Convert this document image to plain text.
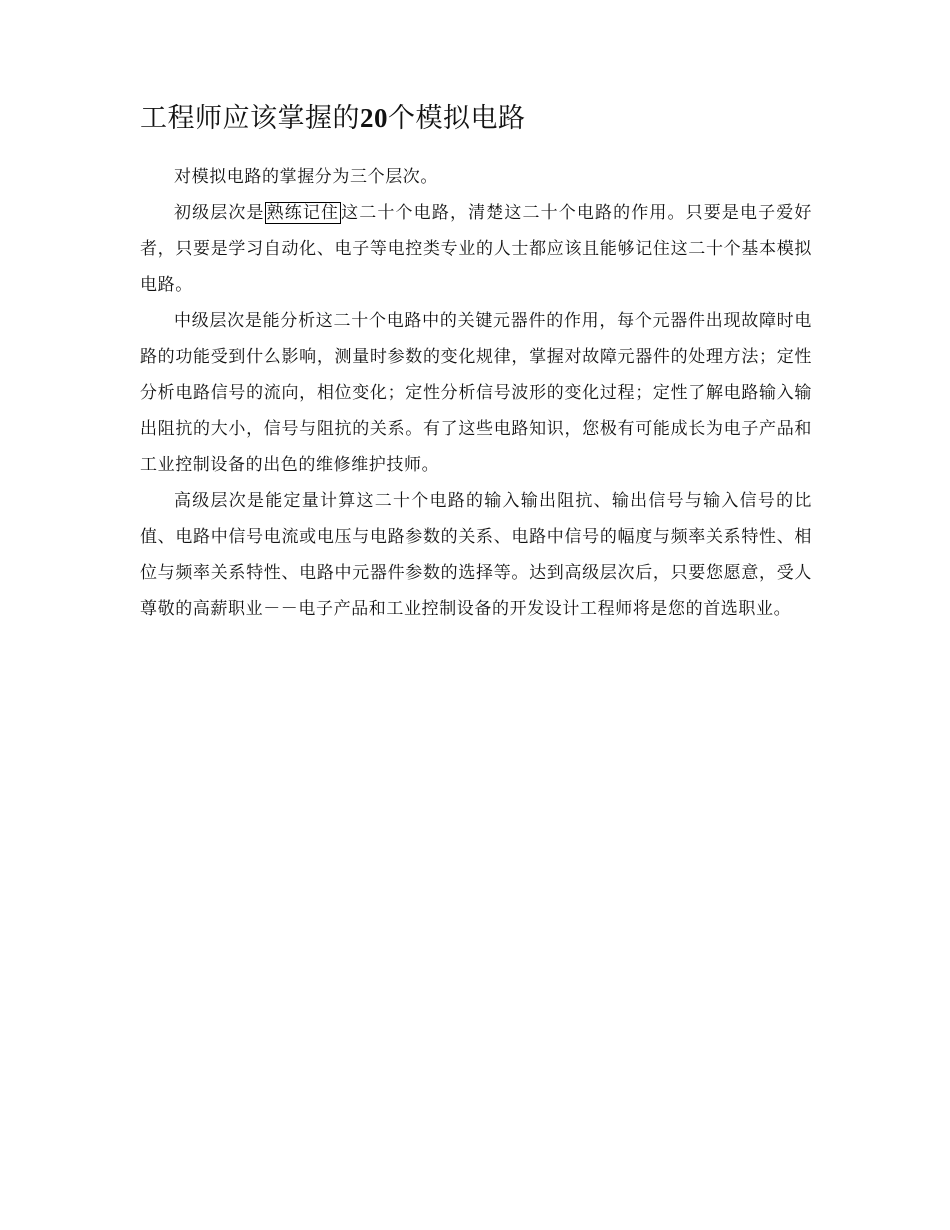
工程师应该掌握的20个模拟电路

对模拟电路的掌握分为三个层次。

初级层次是 熟练记住 这二十个电路，清楚这二十个电路的作用。只要是电子爱好者，只要是学习自动化、电子等电控类专业的人士都应该且能够记住这二十个基本模拟电路。

中级层次是能分析这二十个电路中的关键元器件的作用，每个元器件出现故障时电路的功能受到什么影响，测量时参数的变化规律，掌握对故障元器件的处理方法；定性分析电路信号的流向，相位变化；定性分析信号波形的变化过程；定性了解电路输入输出阻抗的大小，信号与阻抗的关系。有了这些电路知识，您极有可能成长为电子产品和工业控制设备的出色的维修维护技师。

高级层次是能定量计算这二十个电路的输入输出阻抗、输出信号与输入信号的比值、电路中信号电流或电压与电路参数的关系、电路中信号的幅度与频率关系特性、相位与频率关系特性、电路中元器件参数的选择等。达到高级层次后，只要您愿意，受人尊敬的高薪职业－－电子产品和工业控制设备的开发设计工程师将是您的首选职业。
